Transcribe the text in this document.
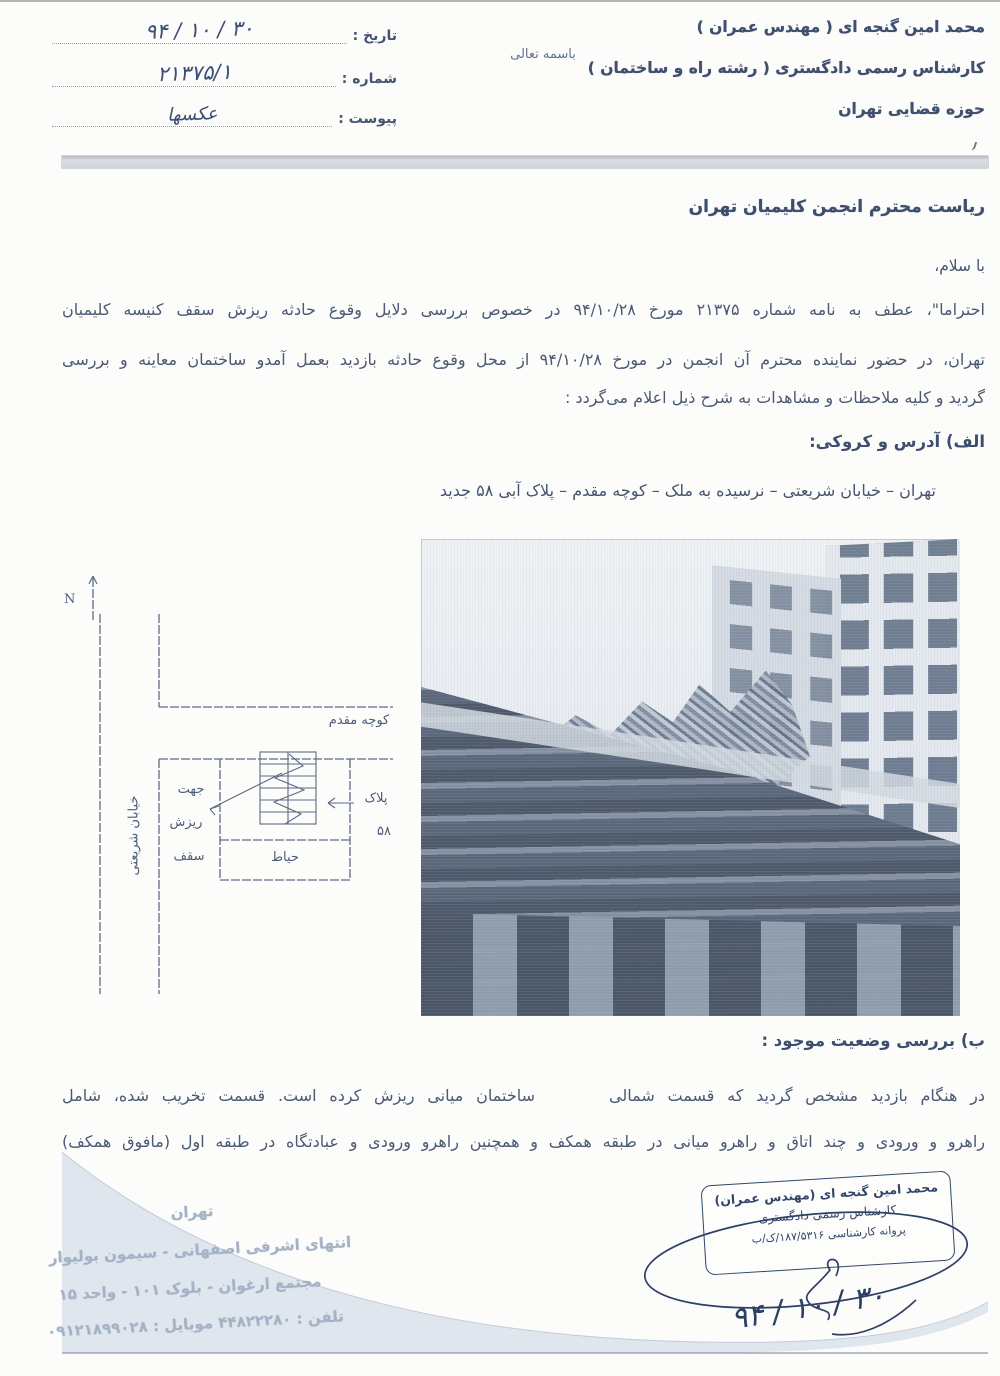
محمد امین گنجه ای ( مهندس عمران )
کارشناس رسمی دادگستری ( رشته راه و ساختمان )
حوزه قضایی تهران
باسمه تعالی
تاریخ :
۹۴ / ۱۰ / ۳۰
شماره :
۲۱۳۷۵/۱
پیوست :
عکسها
ریاست محترم انجمن کلیمیان تهران
با سلام،
احتراما"، عطف به نامه شماره ۲۱۳۷۵ مورخ ۹۴/۱۰/۲۸ در خصوص بررسی دلایل وقوع حادثه ریزش سقف کنیسه کلیمیان
تهران، در حضور نماینده محترم آن انجمن در مورخ ۹۴/۱۰/۲۸ از محل وقوع حادثه بازدید بعمل آمدو ساختمان معاینه و بررسی
گردید و کلیه ملاحظات و مشاهدات به شرح ذیل اعلام می‌گردد :
الف) آدرس و کروکی:
تهران – خیابان شریعتی – نرسیده به ملک – کوچه مقدم – پلاک آبی ۵۸ جدید
N
خیابان شریعتی
کوچه مقدم
جهت
ریزش
سقف
پلاک
۵۸
حیاط
ب) بررسی وضعیت موجود :
در هنگام بازدید مشخص گردید که قسمت شمالیساختمان میانی ریزش کرده است. قسمت تخریب شده، شامل
راهرو و ورودی و چند اتاق و راهرو میانی در طبقه همکف و همچنین راهرو ورودی و عبادتگاه در طبقه اول (مافوق همکف)
تهران
انتهای اشرفی اصفهانی - سیمون بولیوار
مجتمع ارغوان - بلوک ۱۰۱ - واحد ۱۵
تلفن : ۴۴۸۲۲۲۸۰ موبایل : ۰۹۱۲۱۸۹۹۰۲۸
محمد امین گنجه ای (مهندس عمران)
کارشناس رسمی دادگستری
پروانه کارشناسی ۱۸۷/۵۳۱۶/ک/ب
۹۴ / ۱۰ / ۳۰
